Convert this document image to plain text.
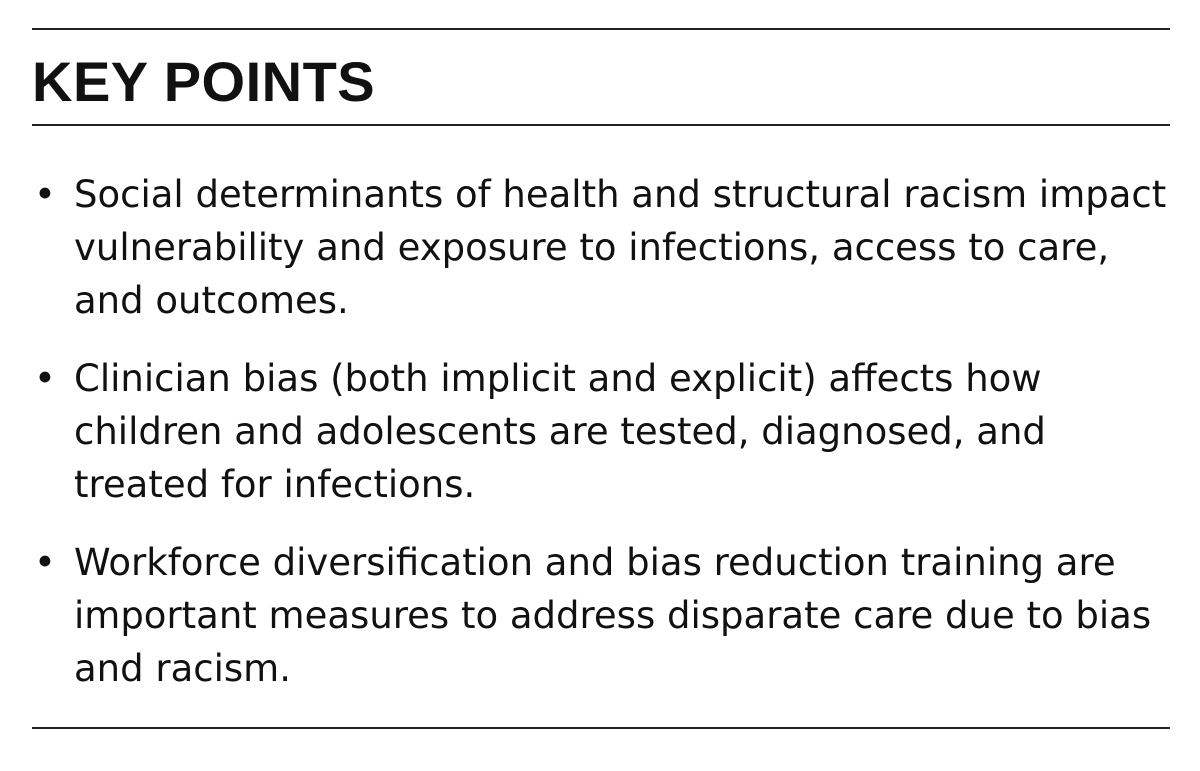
KEY POINTS
• Social determinants of health and structural racism impact vulnerability and exposure to infections, access to care, and outcomes.
• Clinician bias (both implicit and explicit) affects how children and adolescents are tested, diagnosed, and treated for infections.
• Workforce diversification and bias reduction training are important measures to address disparate care due to bias and racism.
